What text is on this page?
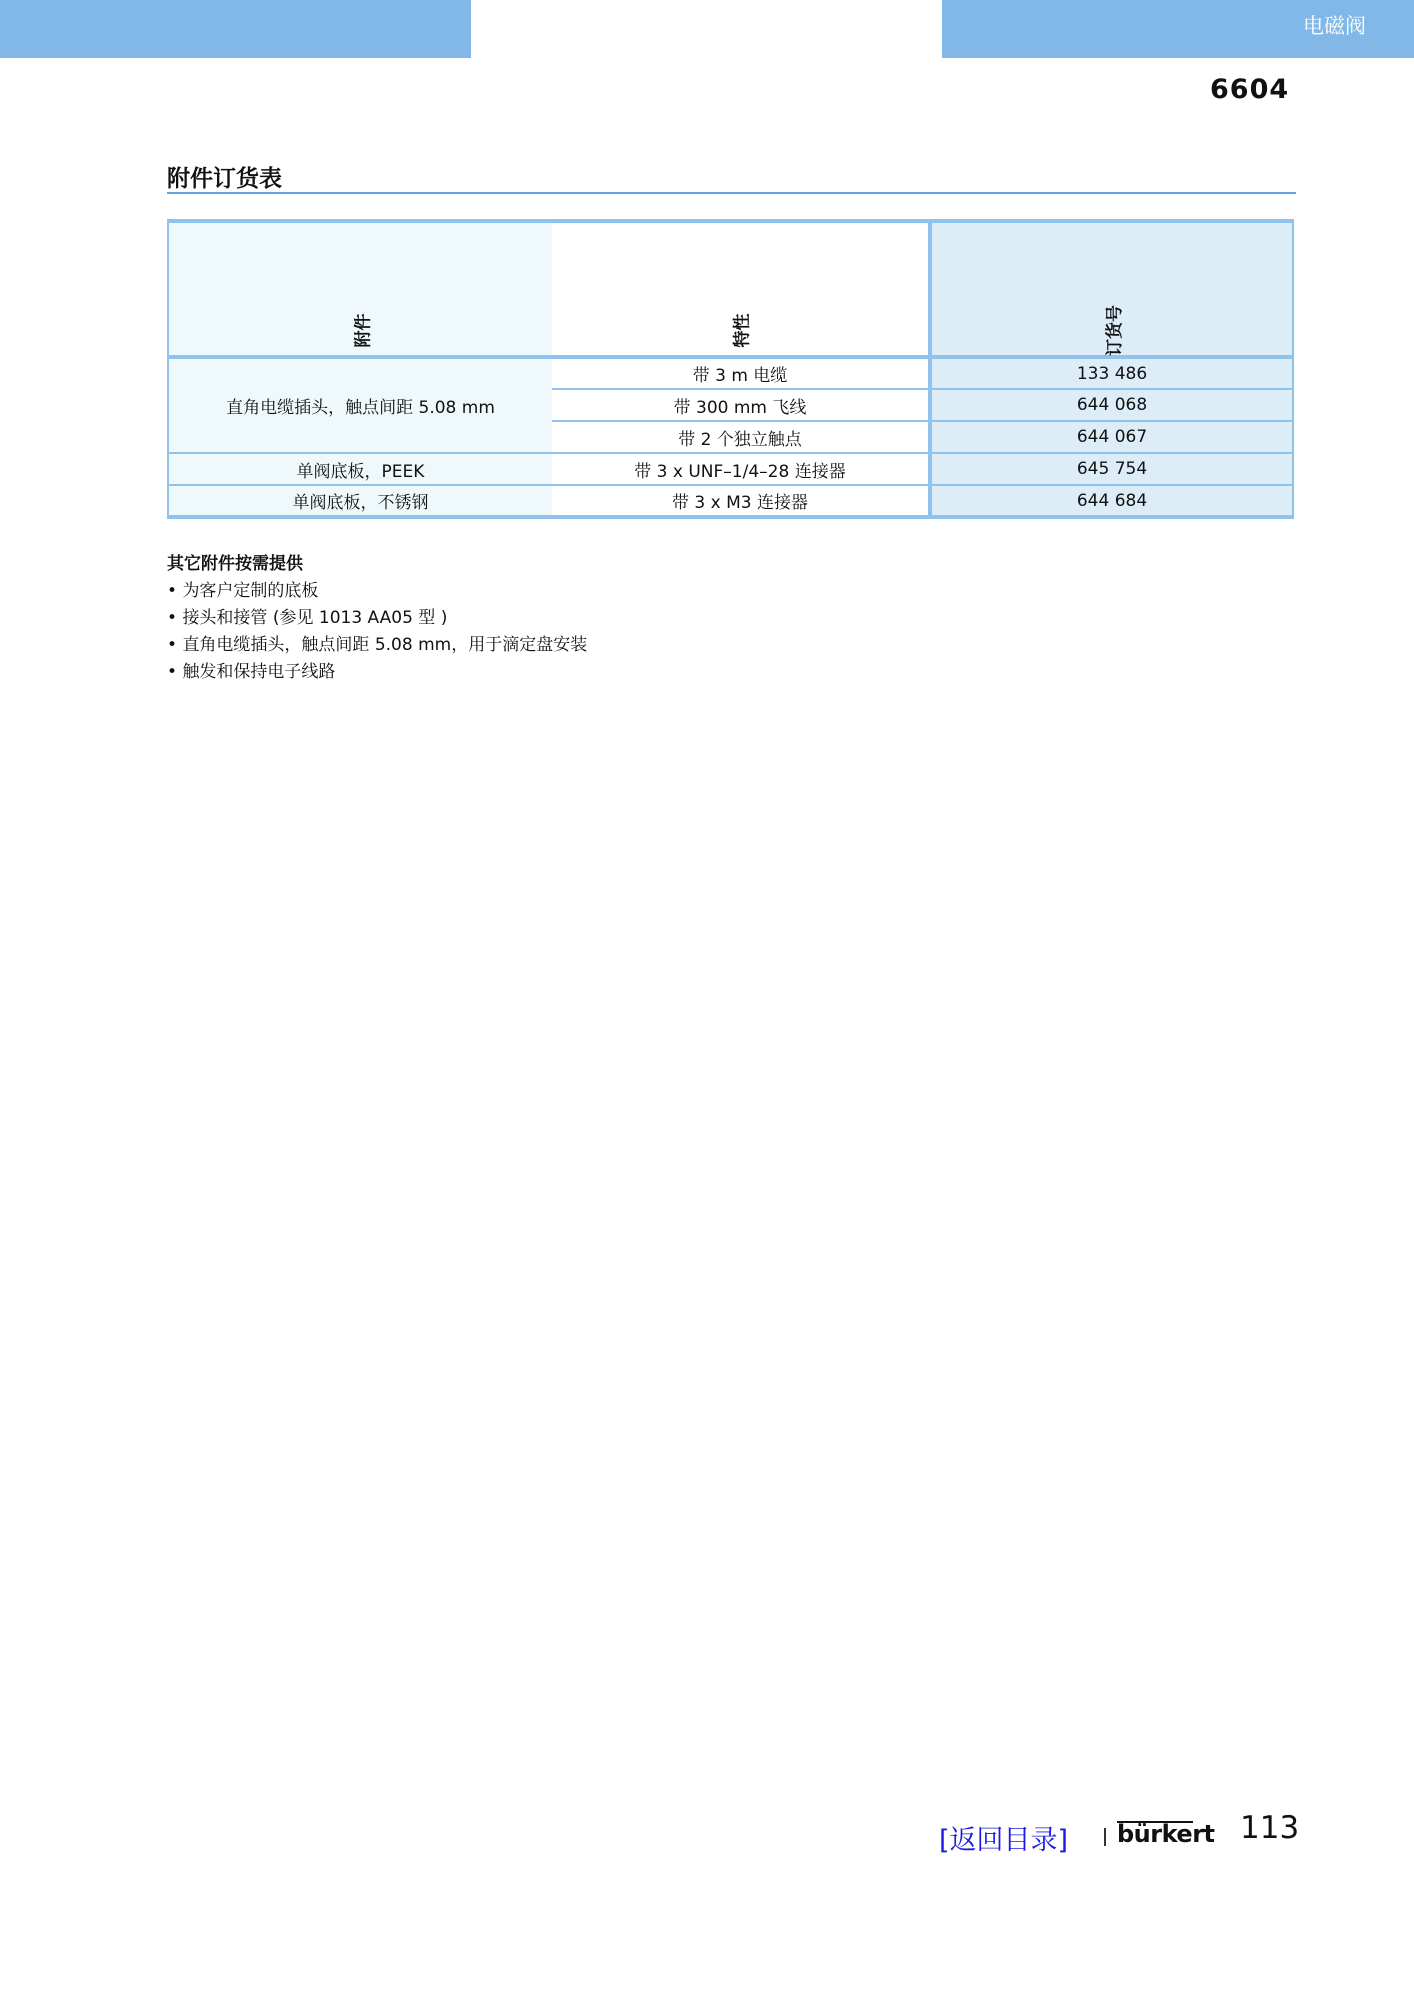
电磁阀
6604
附件订货表
附件	特性	订货号
直角电缆插头，触点间距 5.08 mm	带 3 m 电缆	133 486
	带 300 mm 飞线	644 068
	带 2 个独立触点	644 067
单阀底板，PEEK	带 3 x UNF–1/4–28 连接器	645 754
单阀底板，不锈钢	带 3 x M3 连接器	644 684
其它附件按需提供
• 为客户定制的底板
• 接头和接管 (参见 1013 AA05 型 )
• 直角电缆插头，触点间距 5.08 mm，用于滴定盘安装
• 触发和保持电子线路
[返回目录] bürkert 113
